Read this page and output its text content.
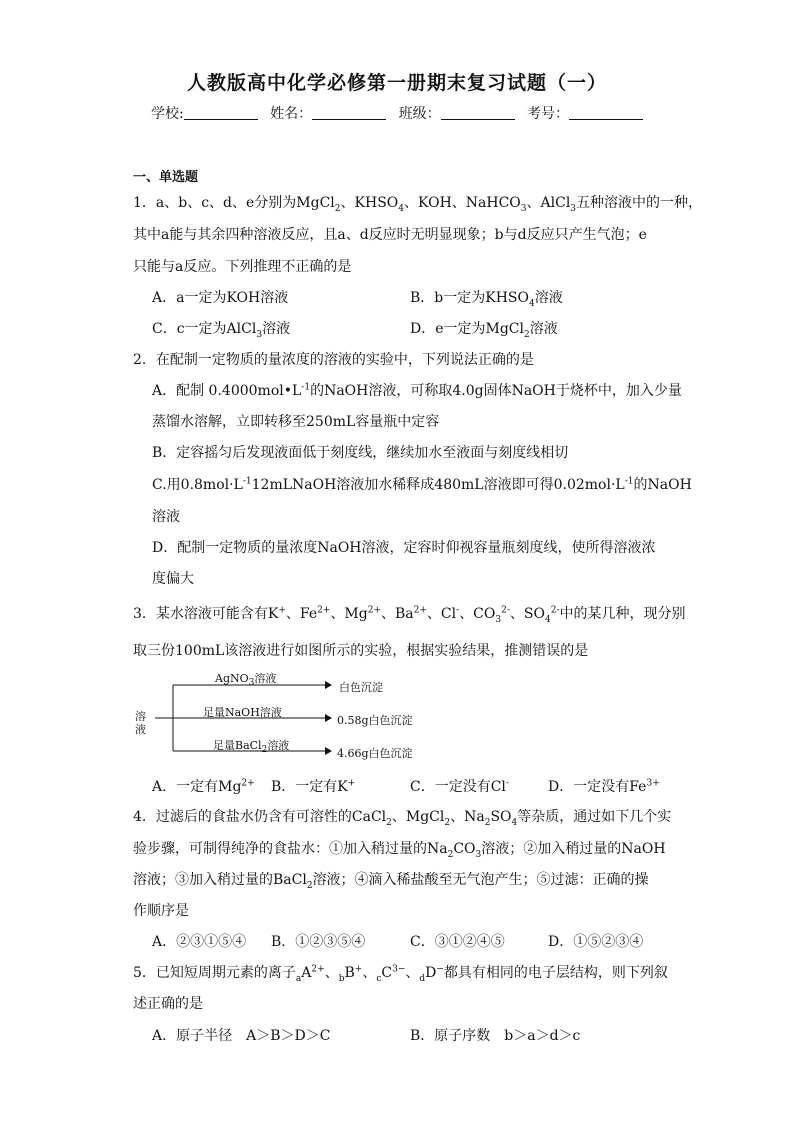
人教版高中化学必修第一册期末复习试题（一）
学校:	姓名：	班级：	考号：
一、单选题
1．a、b、c、d、e分别为MgCl$_2$、$KHSO_4$、KOH、NaHCO$_3$、AlCl$_3$五种溶液中的一种，
其中a能与其余四种溶液反应，且a、d反应时无明显现象；b与d反应只产生气泡；e
只能与a反应。下列推理不正确的是
A．a一定为KOH溶液	B．b一定为$KHSO_4$溶液
C．c一定为AlCl$_3$溶液	D．e一定为MgCl$_2$溶液
2．在配制一定物质的量浓度的溶液的实验中，下列说法正确的是
A．配制 $0.4000mol•L^{-1}$的NaOH溶液，可称取4.0g固体NaOH于烧杯中，加入少量
蒸馏水溶解，立即转移至250mL容量瓶中定容
B．定容摇匀后发现液面低于刻度线，继续加水至液面与刻度线相切
C.用$0.8mol\cdot L^{-1}12mLNaOH$溶液加水稀释成480mL溶液即可得$0.02mol\cdot L^{-1}$的NaOH
溶液
D．配制一定物质的量浓度NaOH溶液，定容时仰视容量瓶刻度线，使所得溶液浓
度偏大
3．某水溶液可能含有K+、$Fe^{2+}$、$Mg^{2+}$、$Ba^{2+}$、Cl-、$CO_3^{2-}$、$SO_4^{2-}$中的某几种，现分别
取三份100mL该溶液进行如图所示的实验，根据实验结果，推测错误的是
溶
液
AgNO$_3$溶液
白色沉淀
足量NaOH溶液
0.58g白色沉淀
足量BaCl$_2$溶液
4.66g白色沉淀
A．一定有$Mg^{2+}$ B．一定有K+	C．一定没有Cl-	D．一定没有$Fe^{3+}$
4．过滤后的食盐水仍含有可溶性的CaCl$_2$、MgCl$_2$、$Na_2SO_4$等杂质，通过如下几个实
验步骤，可制得纯净的食盐水：①加入稍过量的$Na_2CO_3$溶液；②加入稍过量的NaOH
溶液；③加入稍过量的BaCl$_2$溶液；④滴入稀盐酸至无气泡产生；⑤过滤：正确的操
作顺序是
A．②③①⑤④ B．①②③⑤④	C．③①②④⑤	D．①⑤②③④
5．已知短周期元素的离子$_aA^{2+}$、$_b$B+、$_cC^{3-}$、$_d$D−都具有相同的电子层结构，则下列叙
述正确的是
A．原子半径　A＞B＞D＞C	B．原子序数　b＞a＞d＞c
